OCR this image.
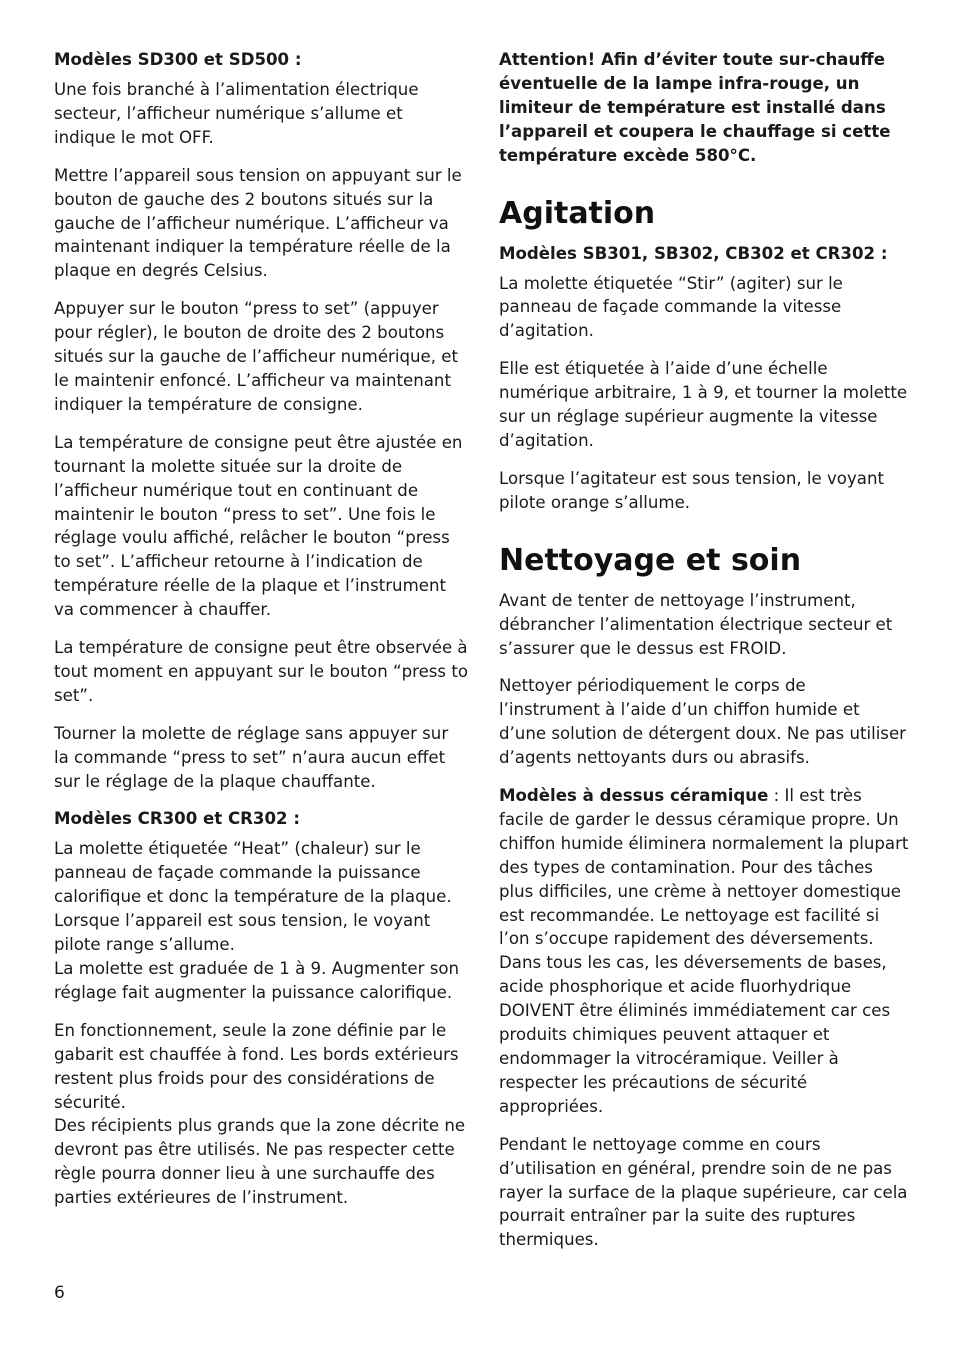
Modèles SD300 et SD500 :

Une fois branché à l’alimentation électrique secteur, l’afficheur numérique s’allume et indique le mot OFF.

Mettre l’appareil sous tension on appuyant sur le bouton de gauche des 2 boutons situés sur la gauche de l’afficheur numérique. L’afficheur va maintenant indiquer la température réelle de la plaque en degrés Celsius.

Appuyer sur le bouton “press to set” (appuyer pour régler), le bouton de droite des 2 boutons situés sur la gauche de l’afficheur numérique, et le maintenir enfoncé. L’afficheur va maintenant indiquer la température de consigne.

La température de consigne peut être ajustée en tournant la molette située sur la droite de l’afficheur numérique tout en continuant de maintenir le bouton “press to set”. Une fois le réglage voulu affiché, relâcher le bouton “press to set”. L’afficheur retourne à l’indication de température réelle de la plaque et l’instrument va commencer à chauffer.

La température de consigne peut être observée à tout moment en appuyant sur le bouton “press to set”.

Tourner la molette de réglage sans appuyer sur la commande “press to set” n’aura aucun effet sur le réglage de la plaque chauffante.

Modèles CR300 et CR302 :

La molette étiquetée “Heat” (chaleur) sur le panneau de façade commande la puissance calorifique et donc la température de la plaque. Lorsque l’appareil est sous tension, le voyant pilote range s’allume.

La molette est graduée de 1 à 9. Augmenter son réglage fait augmenter la puissance calorifique.

En fonctionnement, seule la zone définie par le gabarit est chauffée à fond. Les bords extérieurs restent plus froids pour des considérations de sécurité.

Des récipients plus grands que la zone décrite ne devront pas être utilisés. Ne pas respecter cette règle pourra donner lieu à une surchauffe des parties extérieures de l’instrument.

Attention! Afin d’éviter toute sur-chauffe éventuelle de la lampe infra-rouge, un limiteur de température est installé dans l’appareil et coupera le chauffage si cette température excède 580°C.

Agitation
Modèles SB301, SB302, CB302 et CR302 :

La molette étiquetée “Stir” (agiter) sur le panneau de façade commande la vitesse d’agitation.

Elle est étiquetée à l’aide d’une échelle numérique arbitraire, 1 à 9, et tourner la molette sur un réglage supérieur augmente la vitesse d’agitation.

Lorsque l’agitateur est sous tension, le voyant pilote orange s’allume.

Nettoyage et soin

Avant de tenter de nettoyage l’instrument, débrancher l’alimentation électrique secteur et s’assurer que le dessus est FROID.

Nettoyer périodiquement le corps de l’instrument à l’aide d’un chiffon humide et d’une solution de détergent doux. Ne pas utiliser d’agents nettoyants durs ou abrasifs.

Modèles à dessus céramique : Il est très facile de garder le dessus céramique propre. Un chiffon humide éliminera normalement la plupart des types de contamination. Pour des tâches plus difficiles, une crème à nettoyer domestique est recommandée. Le nettoyage est facilité si l’on s’occupe rapidement des déversements. Dans tous les cas, les déversements de bases, acide phosphorique et acide fluorhydrique DOIVENT être éliminés immédiatement car ces produits chimiques peuvent attaquer et endommager la vitrocéramique. Veiller à respecter les précautions de sécurité appropriées.

Pendant le nettoyage comme en cours d’utilisation en général, prendre soin de ne pas rayer la surface de la plaque supérieure, car cela pourrait entraîner par la suite des ruptures thermiques.

6
